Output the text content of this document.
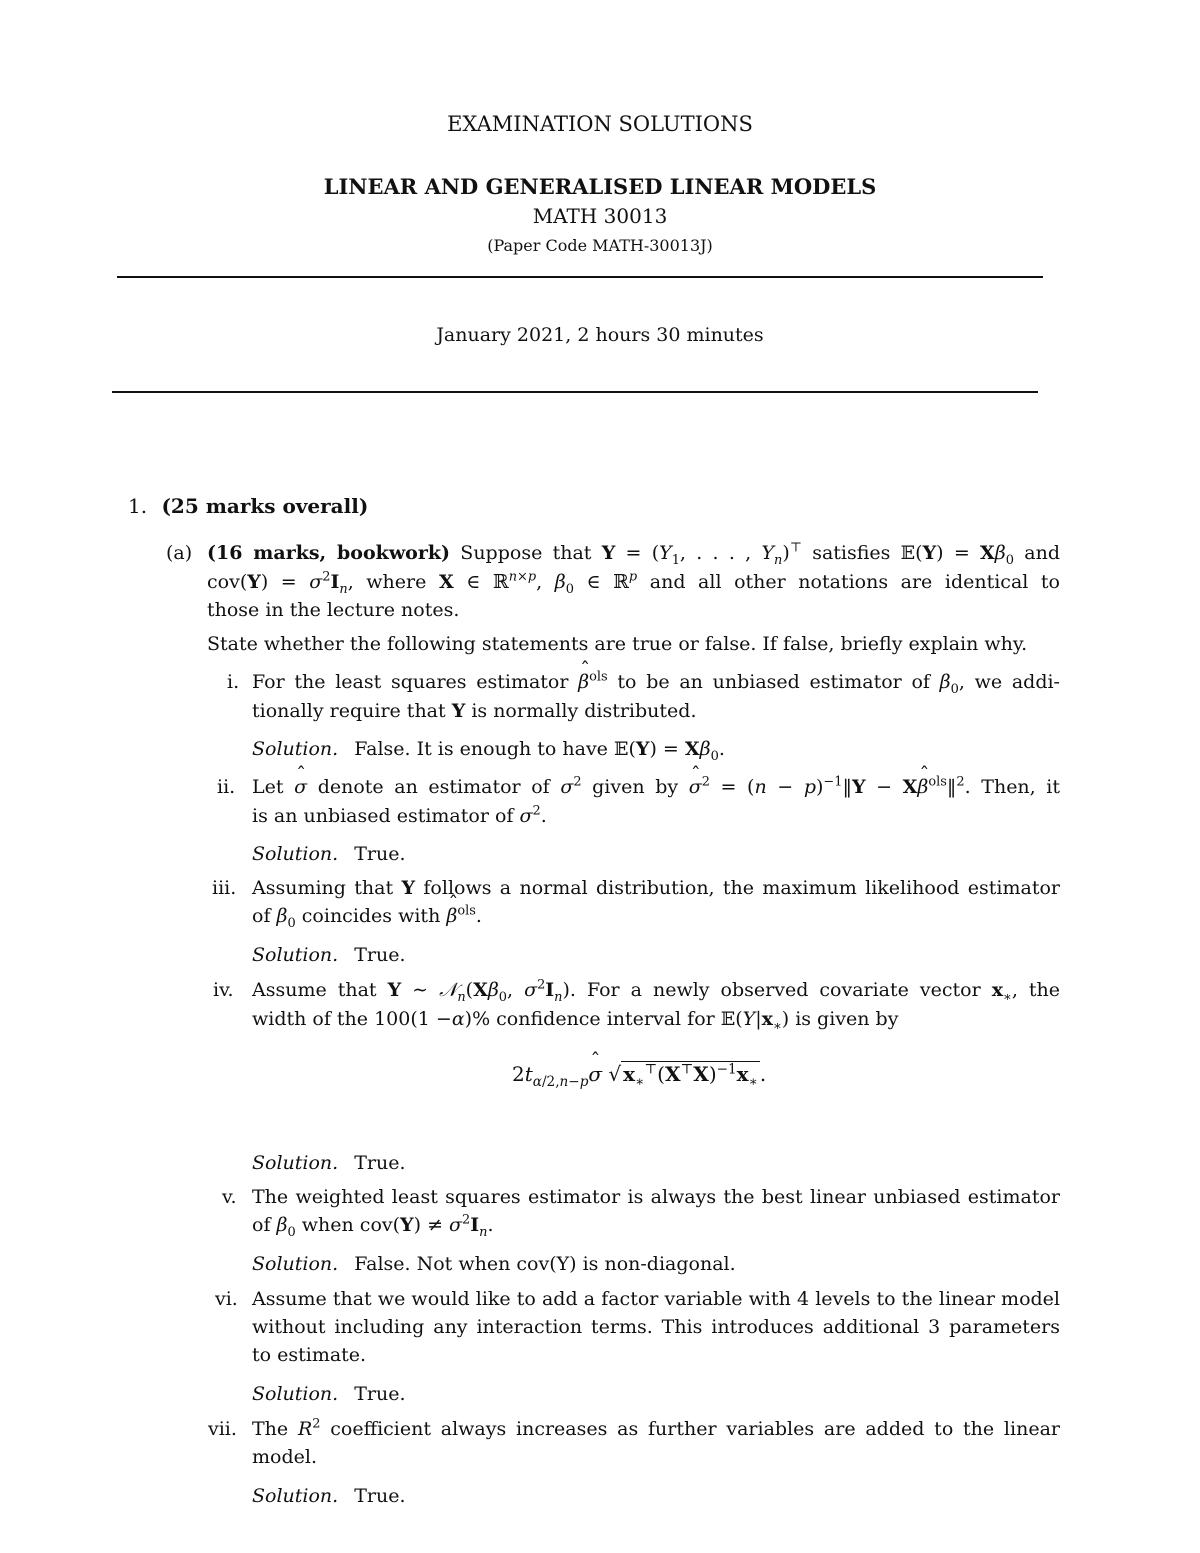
EXAMINATION SOLUTIONS
LINEAR AND GENERALISED LINEAR MODELS
MATH 30013
(Paper Code MATH-30013J)
January 2021, 2 hours 30 minutes
1. (25 marks overall)
(a) (16 marks, bookwork) Suppose that $Y = (Y_1$, . . . , $Y_n)^⊤$ satisfies 𝔼(Y) = $X\beta_0$ and
$cov(Y) = \sigma^2I_n$, where X ∈ ℝ$^{n\times p}$, $\beta_0$ ∈ ℝ$^p$ and all other notations are identical to
those in the lecture notes.
State whether the following statements are true or false. If false, briefly explain why.
i. For the least squares estimator ˆ $\beta^{ols}$ to be an unbiased estimator of $\beta_0$, we addi-
tionally require that Y is normally distributed.
Solution. False. It is enough to have 𝔼(Y) = $X\beta_0$.
ii. Let ˆ σ denote an estimator of $\sigma^2$ given by ˆ $\sigma^2 = (n$ − $p)^{-1}‖Y$ − Xˆ $\beta^{ols}‖^2$. Then, it
is an unbiased estimator of $\sigma^2$.
Solution. True.
iii. Assuming that Y follows a normal distribution, the maximum likelihood estimator
of $\beta_0$ coincides with ˆ $\beta^{ols}$.
Solution. True.
iv. Assume that Y ∼ $𝒩_n(X\beta_0$, $\sigma^2I_n$). For a newly observed covariate vector $x_∗$, the
width of the 100(1 −α)% confidence interval for $𝔼(Y|x_∗)$ is given by
$2t_{\alpha/2,n-p}ˆ$ σ √ $x_∗^⊤(X^⊤X)^{-1}x_∗$ .
Solution. True.
v. The weighted least squares estimator is always the best linear unbiased estimator
of $\beta_0$ when $cov(Y) \ne \sigma^2I_n$.
Solution. False. Not when cov(Y) is non-diagonal.
vi. Assume that we would like to add a factor variable with 4 levels to the linear model
without including any interaction terms. This introduces additional 3 parameters
to estimate.
Solution. True.
vii. The $R^2$ coefficient always increases as further variables are added to the linear
model.
Solution. True.
